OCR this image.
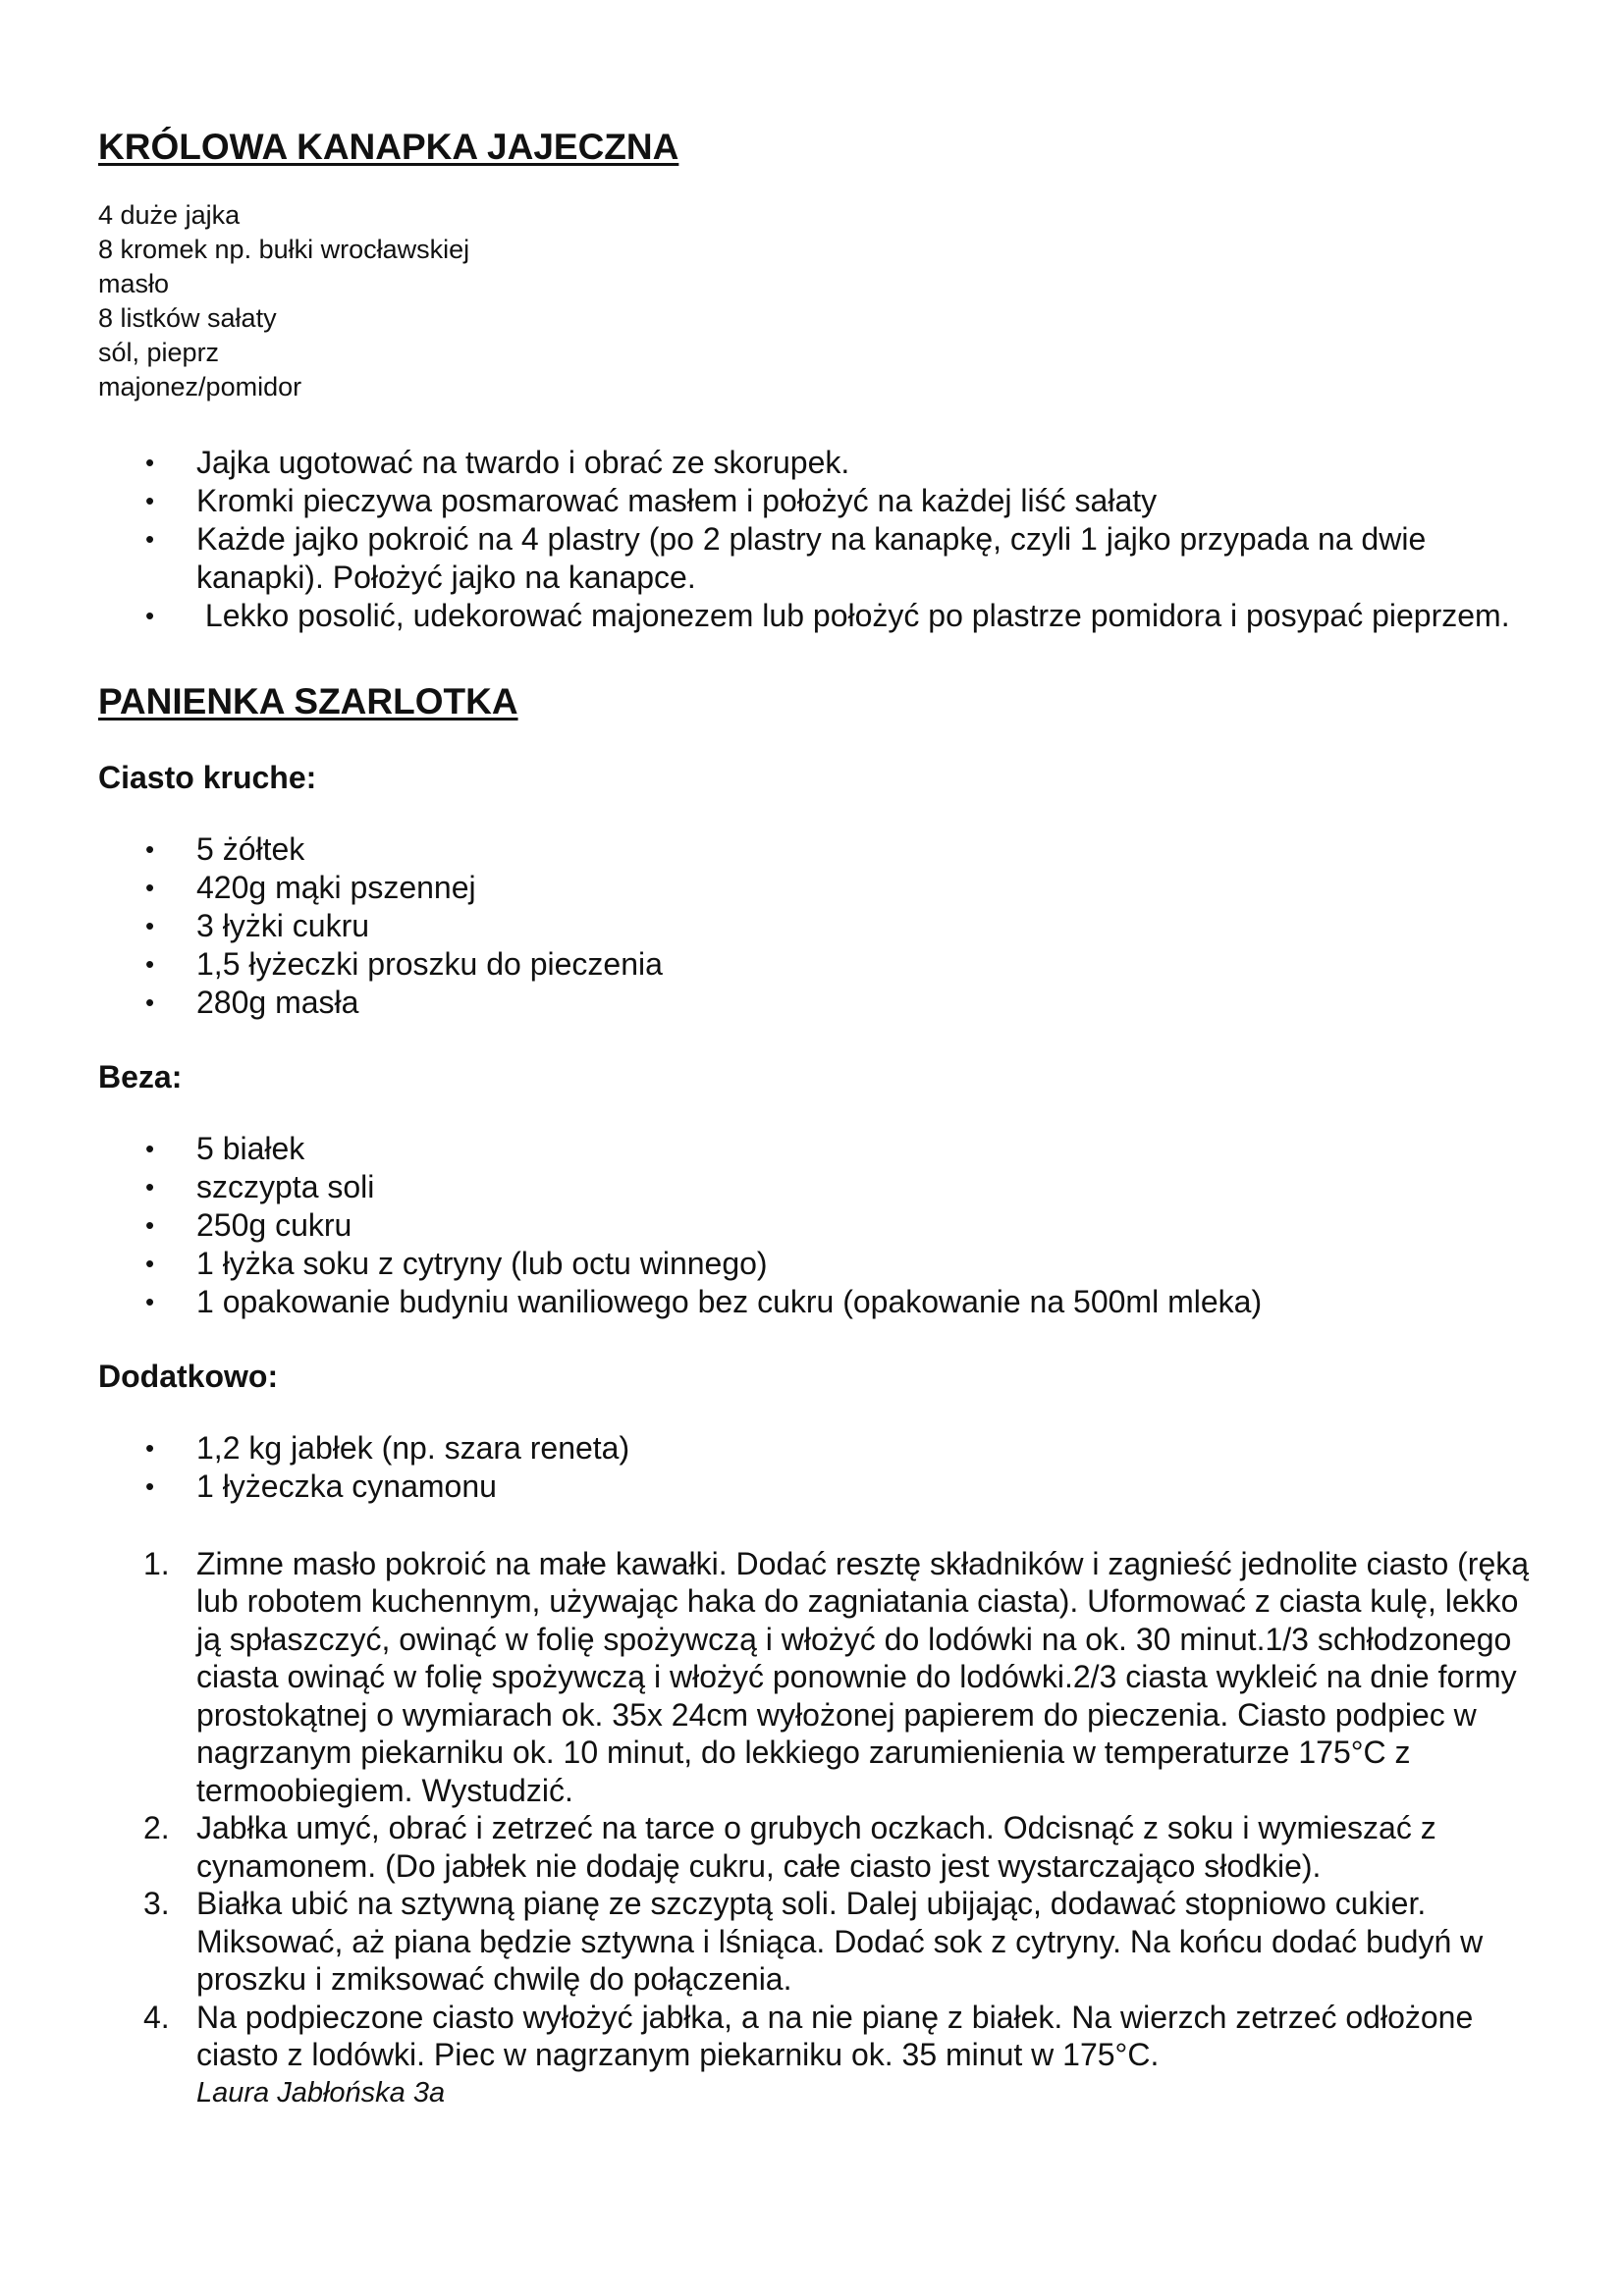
KRÓLOWA KANAPKA JAJECZNA
4 duże jajka
8 kromek np. bułki wrocławskiej
masło
8 listków sałaty
sól, pieprz
majonez/pomidor
• Jajka ugotować na twardo i obrać ze skorupek.
• Kromki pieczywa posmarować masłem i położyć na każdej liść sałaty
• Każde jajko pokroić na 4 plastry (po 2 plastry na kanapkę, czyli 1 jajko przypada na dwie kanapki). Położyć jajko na kanapce.
•  Lekko posolić, udekorować majonezem lub położyć po plastrze pomidora i posypać pieprzem.
PANIENKA SZARLOTKA
Ciasto kruche:
• 5 żółtek
• 420g mąki pszennej
• 3 łyżki cukru
• 1,5 łyżeczki proszku do pieczenia
• 280g masła
Beza:
• 5 białek
• szczypta soli
• 250g cukru
• 1 łyżka soku z cytryny (lub octu winnego)
• 1 opakowanie budyniu waniliowego bez cukru (opakowanie na 500ml mleka)
Dodatkowo:
• 1,2 kg jabłek (np. szara reneta)
• 1 łyżeczka cynamonu
1. Zimne masło pokroić na małe kawałki. Dodać resztę składników i zagnieść jednolite ciasto (ręką lub robotem kuchennym, używając haka do zagniatania ciasta). Uformować z ciasta kulę, lekko ją spłaszczyć, owinąć w folię spożywczą i włożyć do lodówki na ok. 30 minut.1/3 schłodzonego ciasta owinąć w folię spożywczą i włożyć ponownie do lodówki.2/3 ciasta wykleić na dnie formy prostokątnej o wymiarach ok. 35x 24cm wyłożonej papierem do pieczenia. Ciasto podpiec w nagrzanym piekarniku ok. 10 minut, do lekkiego zarumienienia w temperaturze 175°C z termoobiegiem. Wystudzić.
2. Jabłka umyć, obrać i zetrzeć na tarce o grubych oczkach. Odcisnąć z soku i wymieszać z cynamonem. (Do jabłek nie dodaję cukru, całe ciasto jest wystarczająco słodkie).
3. Białka ubić na sztywną pianę ze szczyptą soli. Dalej ubijając, dodawać stopniowo cukier. Miksować, aż piana będzie sztywna i lśniąca. Dodać sok z cytryny. Na końcu dodać budyń w proszku i zmiksować chwilę do połączenia.
4. Na podpieczone ciasto wyłożyć jabłka, a na nie pianę z białek. Na wierzch zetrzeć odłożone ciasto z lodówki. Piec w nagrzanym piekarniku ok. 35 minut w 175°C.
Laura Jabłońska 3a
